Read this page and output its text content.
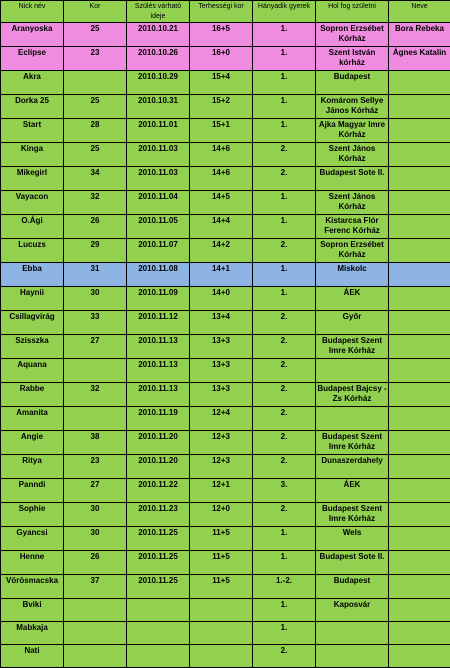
Nick név	Kor	Szülés várható ideje	Terhességi kor	Hányadik gyerek	Hol fog születni	Neve
Aranyoska	25	2010.10.21	16+5	1.	Sopron Erzsébet Kórház	Bora Rebeka
Eclipse	23	2010.10.26	16+0	1.	Szent István kórház	Ágnes Katalin
Akra		2010.10.29	15+4	1.	Budapest	
Dorka 25	25	2010.10.31	15+2	1.	Komárom Sellye János Kórház	
Start	28	2010.11.01	15+1	1.	Ajka Magyar Imre Kórház	
Kinga	25	2010.11.03	14+6	2.	Szent János Kórház	
Mikegirl	34	2010.11.03	14+6	2.	Budapest Sote II.	
Vayacon	32	2010.11.04	14+5	1.	Szent János Kórház	
O.Ági	26	2010.11.05	14+4	1.	Kistarcsa Flór Ferenc Kórház	
Lucuzs	29	2010.11.07	14+2	2.	Sopron Erzsébet Kórház	
Ebba	31	2010.11.08	14+1	1.	Miskolc	
Haynii	30	2010.11.09	14+0	1.	ÁEK	
Csillagvirág	33	2010.11.12	13+4	2.	Győr	
Szisszka	27	2010.11.13	13+3	2.	Budapest Szent Imre Kórház	
Aquana		2010.11.13	13+3	2.		
Rabbe	32	2010.11.13	13+3	2.	Budapest Bajcsy - Zs Kórház	
Amanita		2010.11.19	12+4	2.		
Angie	38	2010.11.20	12+3	2.	Budapest Szent Imre Kórház	
Ritya	23	2010.11.20	12+3	2.	Dunaszerdahely	
Panndi	27	2010.11.22	12+1	3.	ÁEK	
Sophie	30	2010.11.23	12+0	2.	Budapest Szent Imre Kórház	
Gyancsi	30	2010.11.25	11+5	1.	Wels	
Henne	26	2010.11.25	11+5	1.	Budapest Sote II.	
Vörösmacska	37	2010.11.25	11+5	1.-2.	Budapest	
Bviki				1.	Kaposvár	
Mabkaja				1.		
Nati				2.		
